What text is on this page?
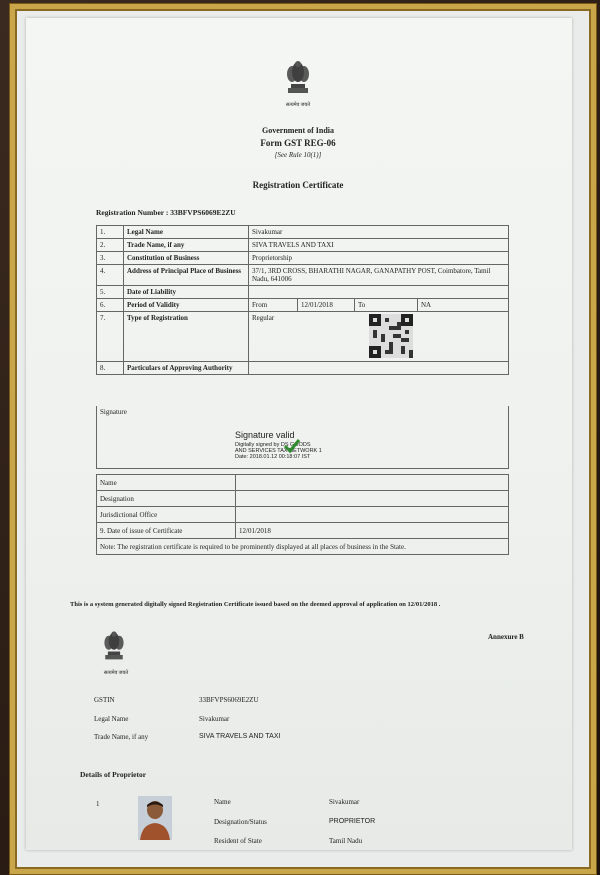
सत्यमेव जयते
Government of India
Form GST REG-06
[See Rule 10(1)]
Registration Certificate
Registration Number : 33BFVPS6069E2ZU
1.	Legal Name	Sivakumar			
2.	Trade Name, if any	SIVA TRAVELS AND TAXI			
3.	Constitution of Business	Proprietorship			
4.	Address of Principal Place of Business	37/1, 3RD CROSS, BHARATHI NAGAR, GANAPATHY POST, Coimbatore, Tamil Nadu, 641006			
5.	Date of Liability				
6.	Period of Validity	From	12/01/2018	To	NA
7.	Type of Registration	Regular			

8.	Particulars of Approving Authority				
Signature
Signature valid
Digitally signed by DS GOODS
AND SERVICES TAX NETWORK 1
Date: 2018.01.12 00:18:07 IST
Name	
Designation	
Jurisdictional Office	
9. Date of issue of Certificate	12/01/2018
Note: The registration certificate is required to be prominently displayed at all places of business in the State.	
This is a system generated digitally signed Registration Certificate issued based on the deemed approval of application on 12/01/2018 .
सत्यमेव जयते
Annexure B
GSTIN	33BFVPS6069E2ZU
Legal Name	Sivakumar
Trade Name, if any	SIVA TRAVELS AND TAXI
Details of Proprietor
1	Name	Sivakumar
Designation/Status	PROPRIETOR
Resident of State	Tamil Nadu
